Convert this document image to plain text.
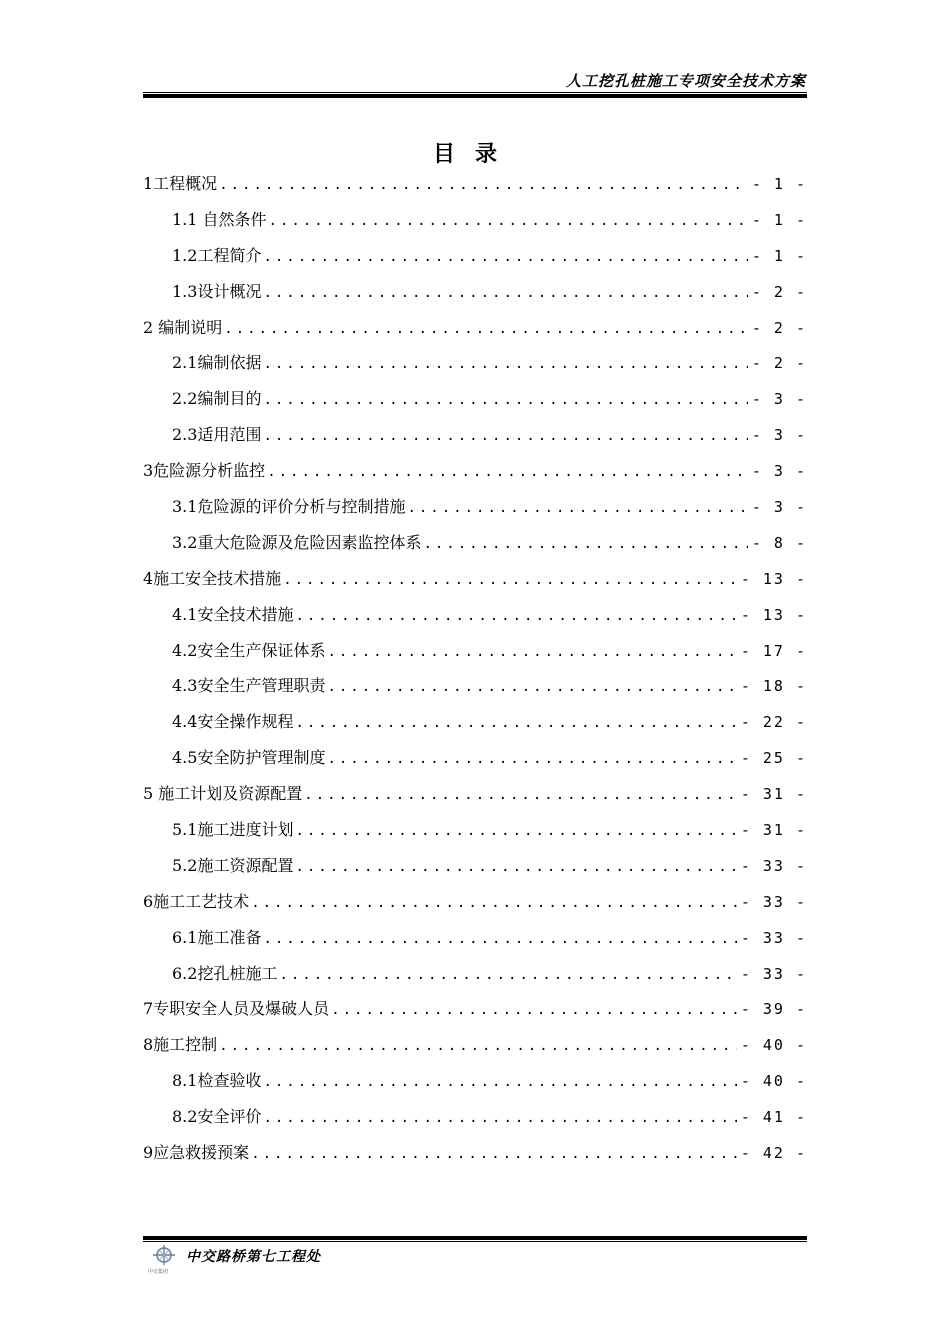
人工挖孔桩施工专项安全技术方案
目录
1工程概况 .....	- 1 -
1.1 自然条件 .....	- 1 -
1.2工程简介 .....	- 1 -
1.3设计概况 .....	- 2 -
2 编制说明 .....	- 2 -
2.1编制依据 .....	- 2 -
2.2编制目的 .....	- 3 -
2.3适用范围 .....	- 3 -
3危险源分析监控 .....	- 3 -
3.1危险源的评价分析与控制措施 .....	- 3 -
3.2重大危险源及危险因素监控体系 .....	- 8 -
4施工安全技术措施 .....	- 13 -
4.1安全技术措施 .....	- 13 -
4.2安全生产保证体系 .....	- 17 -
4.3安全生产管理职责 .....	- 18 -
4.4安全操作规程 .....	- 22 -
4.5安全防护管理制度 .....	- 25 -
5 施工计划及资源配置 .....	- 31 -
5.1施工进度计划 .....	- 31 -
5.2施工资源配置 .....	- 33 -
6施工工艺技术 .....	- 33 -
6.1施工准备 .....	- 33 -
6.2挖孔桩施工 .....	- 33 -
7专职安全人员及爆破人员 .....	- 39 -
8施工控制 .....	- 40 -
8.1检查验收 .....	- 40 -
8.2安全评价 .....	- 41 -
9应急救援预案 .....	- 42 -
中交集团
中交路桥第七工程处
